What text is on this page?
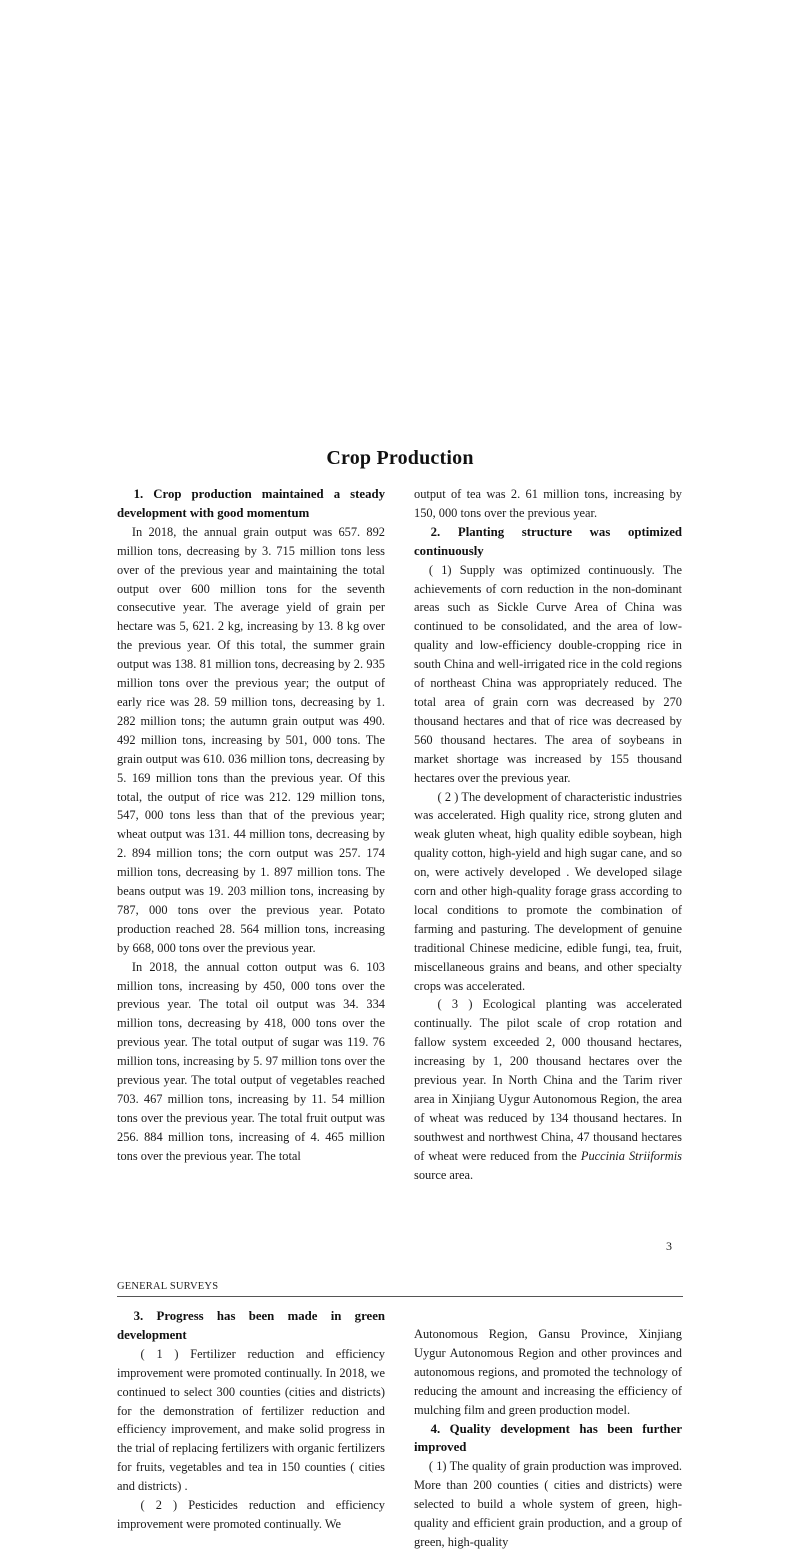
Crop Production
1. Crop production maintained a steady development with good momentum

In 2018, the annual grain output was 657. 892 million tons, decreasing by 3. 715 million tons less over of the previous year and maintaining the total output over 600 million tons for the seventh consecutive year. The average yield of grain per hectare was 5, 621. 2 kg, increasing by 13. 8 kg over the previous year. Of this total, the summer grain output was 138. 81 million tons, decreasing by 2. 935 million tons over the previous year; the output of early rice was 28. 59 million tons, decreasing by 1. 282 million tons; the autumn grain output was 490. 492 million tons, increasing by 501, 000 tons. The grain output was 610. 036 million tons, decreasing by 5. 169 million tons than the previous year. Of this total, the output of rice was 212. 129 million tons, 547, 000 tons less than that of the previous year; wheat output was 131. 44 million tons, decreasing by 2. 894 million tons; the corn output was 257. 174 million tons, decreasing by 1. 897 million tons. The beans output was 19. 203 million tons, increasing by 787, 000 tons over the previous year. Potato production reached 28. 564 million tons, increasing by 668, 000 tons over the previous year.

In 2018, the annual cotton output was 6. 103 million tons, increasing by 450, 000 tons over the previous year. The total oil output was 34. 334 million tons, decreasing by 418, 000 tons over the previous year. The total output of sugar was 119. 76 million tons, increasing by 5. 97 million tons over the previous year. The total output of vegetables reached 703. 467 million tons, increasing by 11. 54 million tons over the previous year. The total fruit output was 256. 884 million tons, increasing of 4. 465 million tons over the previous year. The total

output of tea was 2. 61 million tons, increasing by 150, 000 tons over the previous year.

2. Planting structure was optimized continuously

( 1) Supply was optimized continuously. The achievements of corn reduction in the non-dominant areas such as Sickle Curve Area of China was continued to be consolidated, and the area of low-quality and low-efficiency double-cropping rice in south China and well-irrigated rice in the cold regions of northeast China was appropriately reduced. The total area of grain corn was decreased by 270 thousand hectares and that of rice was decreased by 560 thousand hectares. The area of soybeans in market shortage was increased by 155 thousand hectares over the previous year.

( 2 ) The development of characteristic industries was accelerated. High quality rice, strong gluten and weak gluten wheat, high quality edible soybean, high quality cotton, high-yield and high sugar cane, and so on, were actively developed . We developed silage corn and other high-quality forage grass according to local conditions to promote the combination of farming and pasturing. The development of genuine traditional Chinese medicine, edible fungi, tea, fruit, miscellaneous grains and beans, and other specialty crops was accelerated.

( 3 ) Ecological planting was accelerated continually. The pilot scale of crop rotation and fallow system exceeded 2, 000 thousand hectares, increasing by 1, 200 thousand hectares over the previous year. In North China and the Tarim river area in Xinjiang Uygur Autonomous Region, the area of wheat was reduced by 134 thousand hectares. In southwest and northwest China, 47 thousand hectares of wheat were reduced from the Puccinia Striiformis source area.

3
GENERAL SURVEYS
3. Progress has been made in green development

( 1 ) Fertilizer reduction and efficiency improvement were promoted continually. In 2018, we continued to select 300 counties (cities and districts) for the demonstration of fertilizer reduction and efficiency improvement, and make solid progress in the trial of replacing fertilizers with organic fertilizers for fruits, vegetables and tea in 150 counties ( cities and districts) .

( 2 ) Pesticides reduction and efficiency improvement were promoted continually. We

Autonomous Region, Gansu Province, Xinjiang Uygur Autonomous Region and other provinces and autonomous regions, and promoted the technology of reducing the amount and increasing the efficiency of mulching film and green production model.

4. Quality development has been further improved

( 1) The quality of grain production was improved. More than 200 counties ( cities and districts) were selected to build a whole system of green, high-quality and efficient grain production, and a group of green, high-quality
